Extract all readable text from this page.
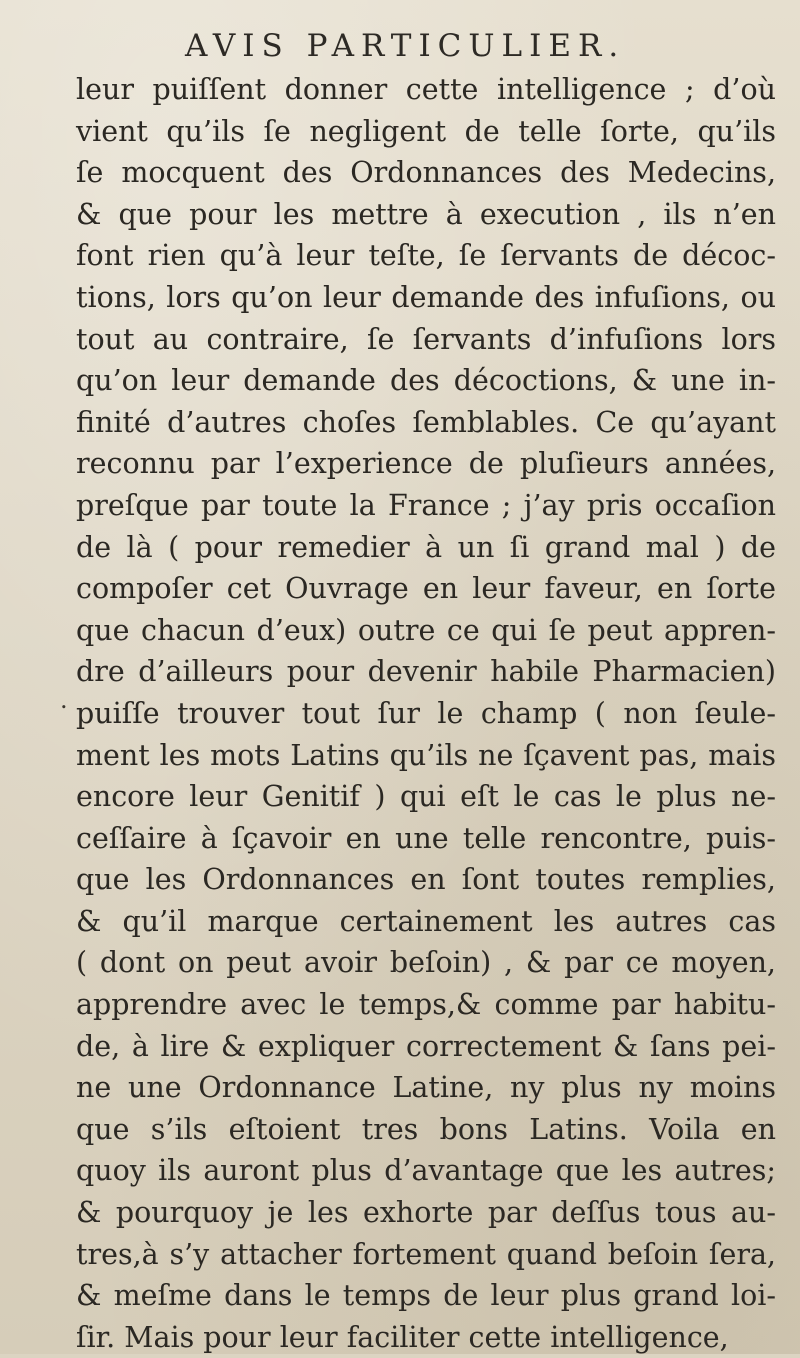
AVIS PARTICULIER.
.
leur puiſſent donner cette intelligence ; d’où
vient qu’ils ſe negligent de telle ſorte, qu’ils
ſe mocquent des Ordonnances des Medecins,
& que pour les mettre à execution , ils n’en
font rien qu’à leur teſte, ſe ſervants de décoc-
tions, lors qu’on leur demande des infuſions, ou
tout au contraire, ſe ſervants d’infuſions lors
qu’on leur demande des décoctions, & une in-
finité d’autres choſes ſemblables. Ce qu’ayant
reconnu par l’experience de pluſieurs années,
preſque par toute la France ; j’ay pris occaſion
de là ( pour remedier à un ſi grand mal ) de
compoſer cet Ouvrage en leur faveur, en ſorte
que chacun d’eux) outre ce qui ſe peut appren-
dre d’ailleurs pour devenir habile Pharmacien)
puiſſe trouver tout ſur le champ ( non ſeule-
ment les mots Latins qu’ils ne ſçavent pas, mais
encore leur Genitif ) qui eſt le cas le plus ne-
ceſſaire à ſçavoir en une telle rencontre, puis-
que les Ordonnances en ſont toutes remplies,
& qu’il marque certainement les autres cas
( dont on peut avoir beſoin) , & par ce moyen,
apprendre avec le temps,& comme par habitu-
de, à lire & expliquer correctement & ſans pei-
ne une Ordonnance Latine, ny plus ny moins
que s’ils eſtoient tres bons Latins. Voila en
quoy ils auront plus d’avantage que les autres;
& pourquoy je les exhorte par deſſus tous au-
tres,à s’y attacher fortement quand beſoin ſera,
& meſme dans le temps de leur plus grand loi-
ſir. Mais pour leur faciliter cette intelligence,
